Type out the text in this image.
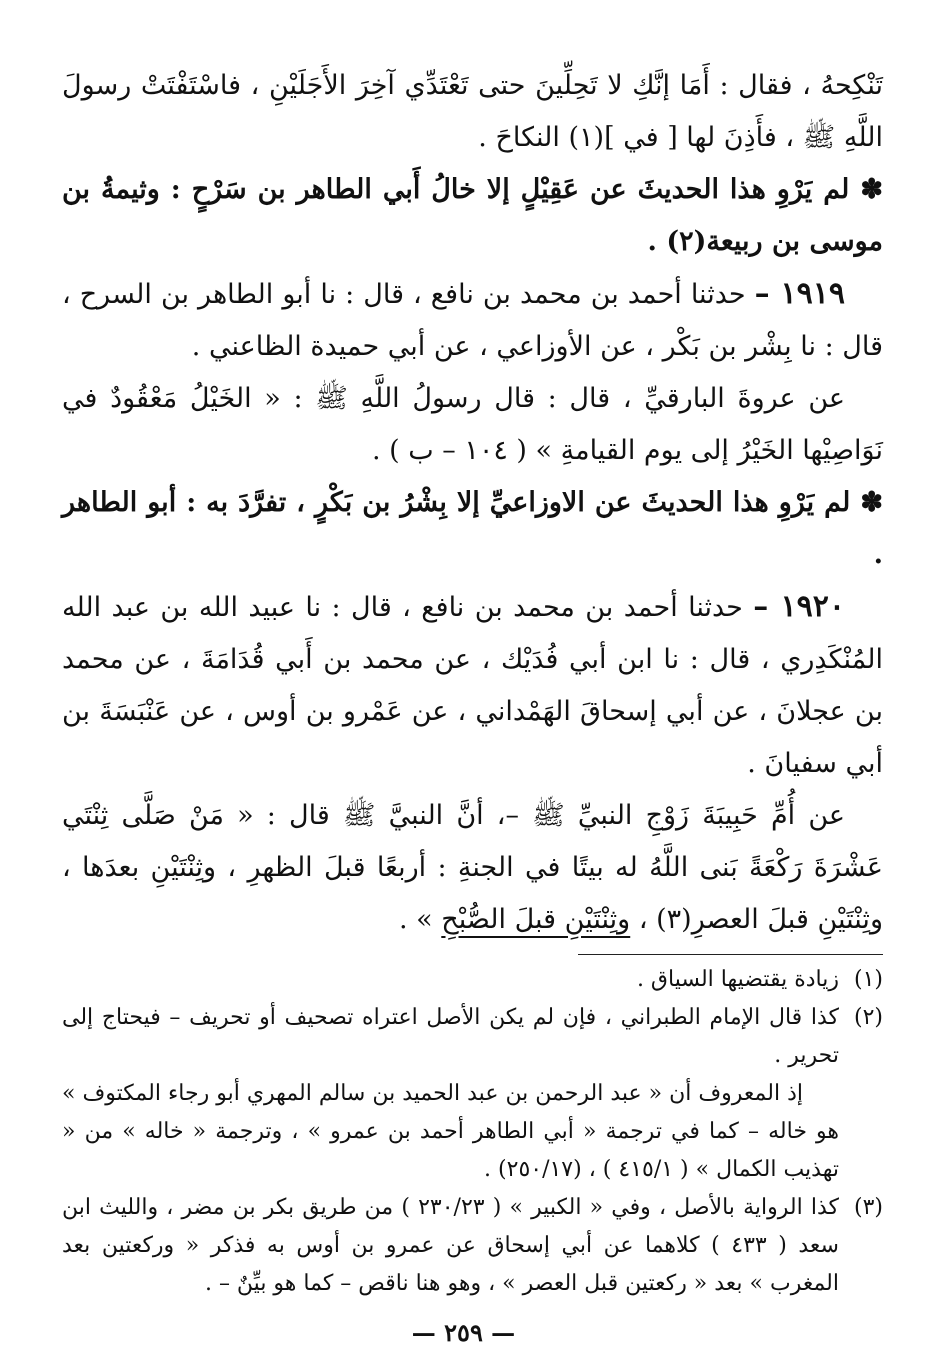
تَنْكِحهُ ، فقال : أَمَا إنَّكِ لا تَحِلِّينَ حتى تَعْتَدِّي آخِرَ الأَجَلَيْنِ ، فاسْتَفْتَتْ رسولَ اللَّهِ ﷺ ، فأَذِنَ لها [ في ](١) النكاحَ .

✽ لم يَرْوِ هذا الحديثَ عن عَقِيْلٍ إلا خالُ أَبي الطاهر بن سَرْحٍ : وثيمةُ بن موسى بن ربيعة(٢) .

١٩١٩ – حدثنا أحمد بن محمد بن نافع ، قال : نا أبو الطاهر بن السرح ، قال : نا بِشْر بن بَكْر ، عن الأوزاعي ، عن أبي حميدة الظاعني .

عن عروةَ البارقيِّ ، قال : قال رسولُ اللَّهِ ﷺ : « الخَيْلُ مَعْقُودٌ في نَوَاصِيْها الخَيْرُ إلى يوم القيامةِ » ( ١٠٤ – ب ) .

✽ لم يَرْوِ هذا الحديثَ عن الاوزاعيِّ إلا بِشْرُ بن بَكْرٍ ، تفرَّدَ به : أبو الطاهر .

١٩٢٠ – حدثنا أحمد بن محمد بن نافع ، قال : نا عبيد الله بن عبد الله المُنْكَدِري ، قال : نا ابن أبي فُدَيْك ، عن محمد بن أَبي قُدَامَةَ ، عن محمد بن عجلانَ ، عن أبي إسحاقَ الهَمْداني ، عن عَمْرو بن أوس ، عن عَنْبَسَةَ بن أبي سفيانَ .

عن أُمِّ حَبِيبَةَ زَوْجِ النبيِّ ﷺ –، أنَّ النبيَّ ﷺ قال : « مَنْ صَلَّى ثِنْتَي عَشْرَةَ رَكْعَةً بَنى اللَّهُ له بيتًا في الجنةِ : أربعًا قبلَ الظهرِ ، وثِنْتَيْنِ بعدَها ، وثِنْتَيْنِ قبلَ العصرِ(٣) ، وثِنْتَيْنِ قبلَ الصُّبْحِ » .

(١)
زيادة يقتضيها السياق .
(٢)
كذا قال الإمام الطبراني ، فإن لم يكن الأصل اعتراه تصحيف أو تحريف – فيحتاج إلى تحرير .
إذ المعروف أن « عبد الرحمن بن عبد الحميد بن سالم المهري أبو رجاء المكتوف » هو خاله – كما في ترجمة « أبي الطاهر أحمد بن عمرو » ، وترجمة « خاله » من « تهذيب الكمال » ( ٤١٥/١ ) ، (٢٥٠/١٧) .
(٣)
كذا الرواية بالأصل ، وفي « الكبير » ( ٢٣٠/٢٣ ) من طريق بكر بن مضر ، والليث ابن سعد ( ٤٣٣ ) كلاهما عن أبي إسحاق عن عمرو بن أوس به فذكر « وركعتين بعد المغرب » بعد « ركعتين قبل العصر » ، وهو هنا ناقص – كما هو بيِّنٌ – .
— ٢٥٩ —
